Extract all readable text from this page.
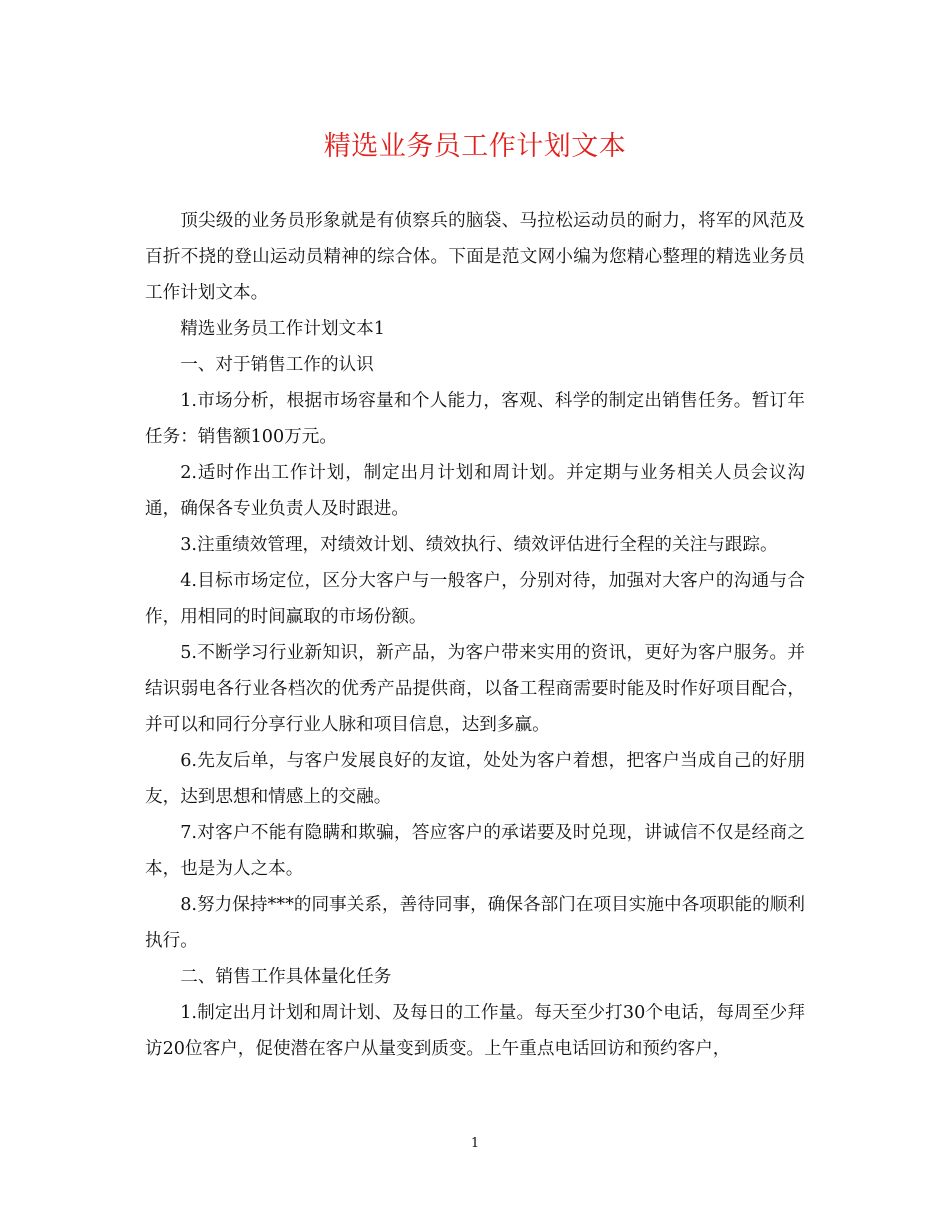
精选业务员工作计划文本

顶尖级的业务员形象就是有侦察兵的脑袋、马拉松运动员的耐力，将军的风范及百折不挠的登山运动员精神的综合体。下面是范文网小编为您精心整理的精选业务员工作计划文本。

精选业务员工作计划文本1

一、对于销售工作的认识

1.市场分析，根据市场容量和个人能力，客观、科学的制定出销售任务。暂订年任务：销售额100万元。

2.适时作出工作计划，制定出月计划和周计划。并定期与业务相关人员会议沟通，确保各专业负责人及时跟进。

3.注重绩效管理，对绩效计划、绩效执行、绩效评估进行全程的关注与跟踪。

4.目标市场定位，区分大客户与一般客户，分别对待，加强对大客户的沟通与合作，用相同的时间赢取的市场份额。

5.不断学习行业新知识，新产品，为客户带来实用的资讯，更好为客户服务。并结识弱电各行业各档次的优秀产品提供商，以备工程商需要时能及时作好项目配合，并可以和同行分享行业人脉和项目信息，达到多赢。

6.先友后单，与客户发展良好的友谊，处处为客户着想，把客户当成自己的好朋友，达到思想和情感上的交融。

7.对客户不能有隐瞒和欺骗，答应客户的承诺要及时兑现，讲诚信不仅是经商之本，也是为人之本。

8.努力保持***的同事关系，善待同事，确保各部门在项目实施中各项职能的顺利执行。

二、销售工作具体量化任务

1.制定出月计划和周计划、及每日的工作量。每天至少打30个电话，每周至少拜访20位客户，促使潜在客户从量变到质变。上午重点电话回访和预约客户，

1
